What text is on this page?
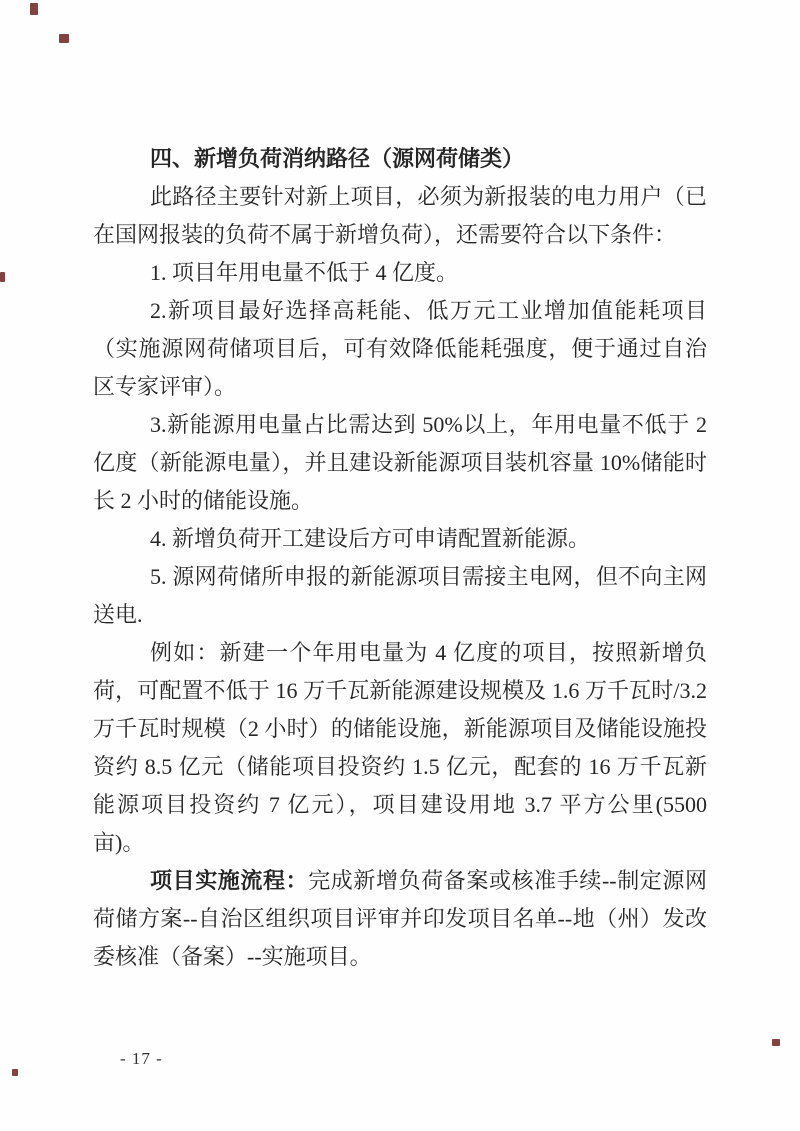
四、新增负荷消纳路径（源网荷储类）

此路径主要针对新上项目，必须为新报装的电力用户（已在国网报装的负荷不属于新增负荷），还需要符合以下条件：

1. 项目年用电量不低于 4 亿度。

2.新项目最好选择高耗能、低万元工业增加值能耗项目（实施源网荷储项目后，可有效降低能耗强度，便于通过自治区专家评审）。

3.新能源用电量占比需达到 50%以上，年用电量不低于 2 亿度（新能源电量），并且建设新能源项目装机容量 10%储能时长 2 小时的储能设施。

4. 新增负荷开工建设后方可申请配置新能源。

5. 源网荷储所申报的新能源项目需接主电网，但不向主网送电.

例如：新建一个年用电量为 4 亿度的项目，按照新增负荷，可配置不低于 16 万千瓦新能源建设规模及 1.6 万千瓦时/3.2 万千瓦时规模（2 小时）的储能设施，新能源项目及储能设施投资约 8.5 亿元（储能项目投资约 1.5 亿元，配套的 16 万千瓦新能源项目投资约 7 亿元），项目建设用地 3.7 平方公里(5500 亩)。

项目实施流程：完成新增负荷备案或核准手续--制定源网荷储方案--自治区组织项目评审并印发项目名单--地（州）发改委核准（备案）--实施项目。

- 17 -
